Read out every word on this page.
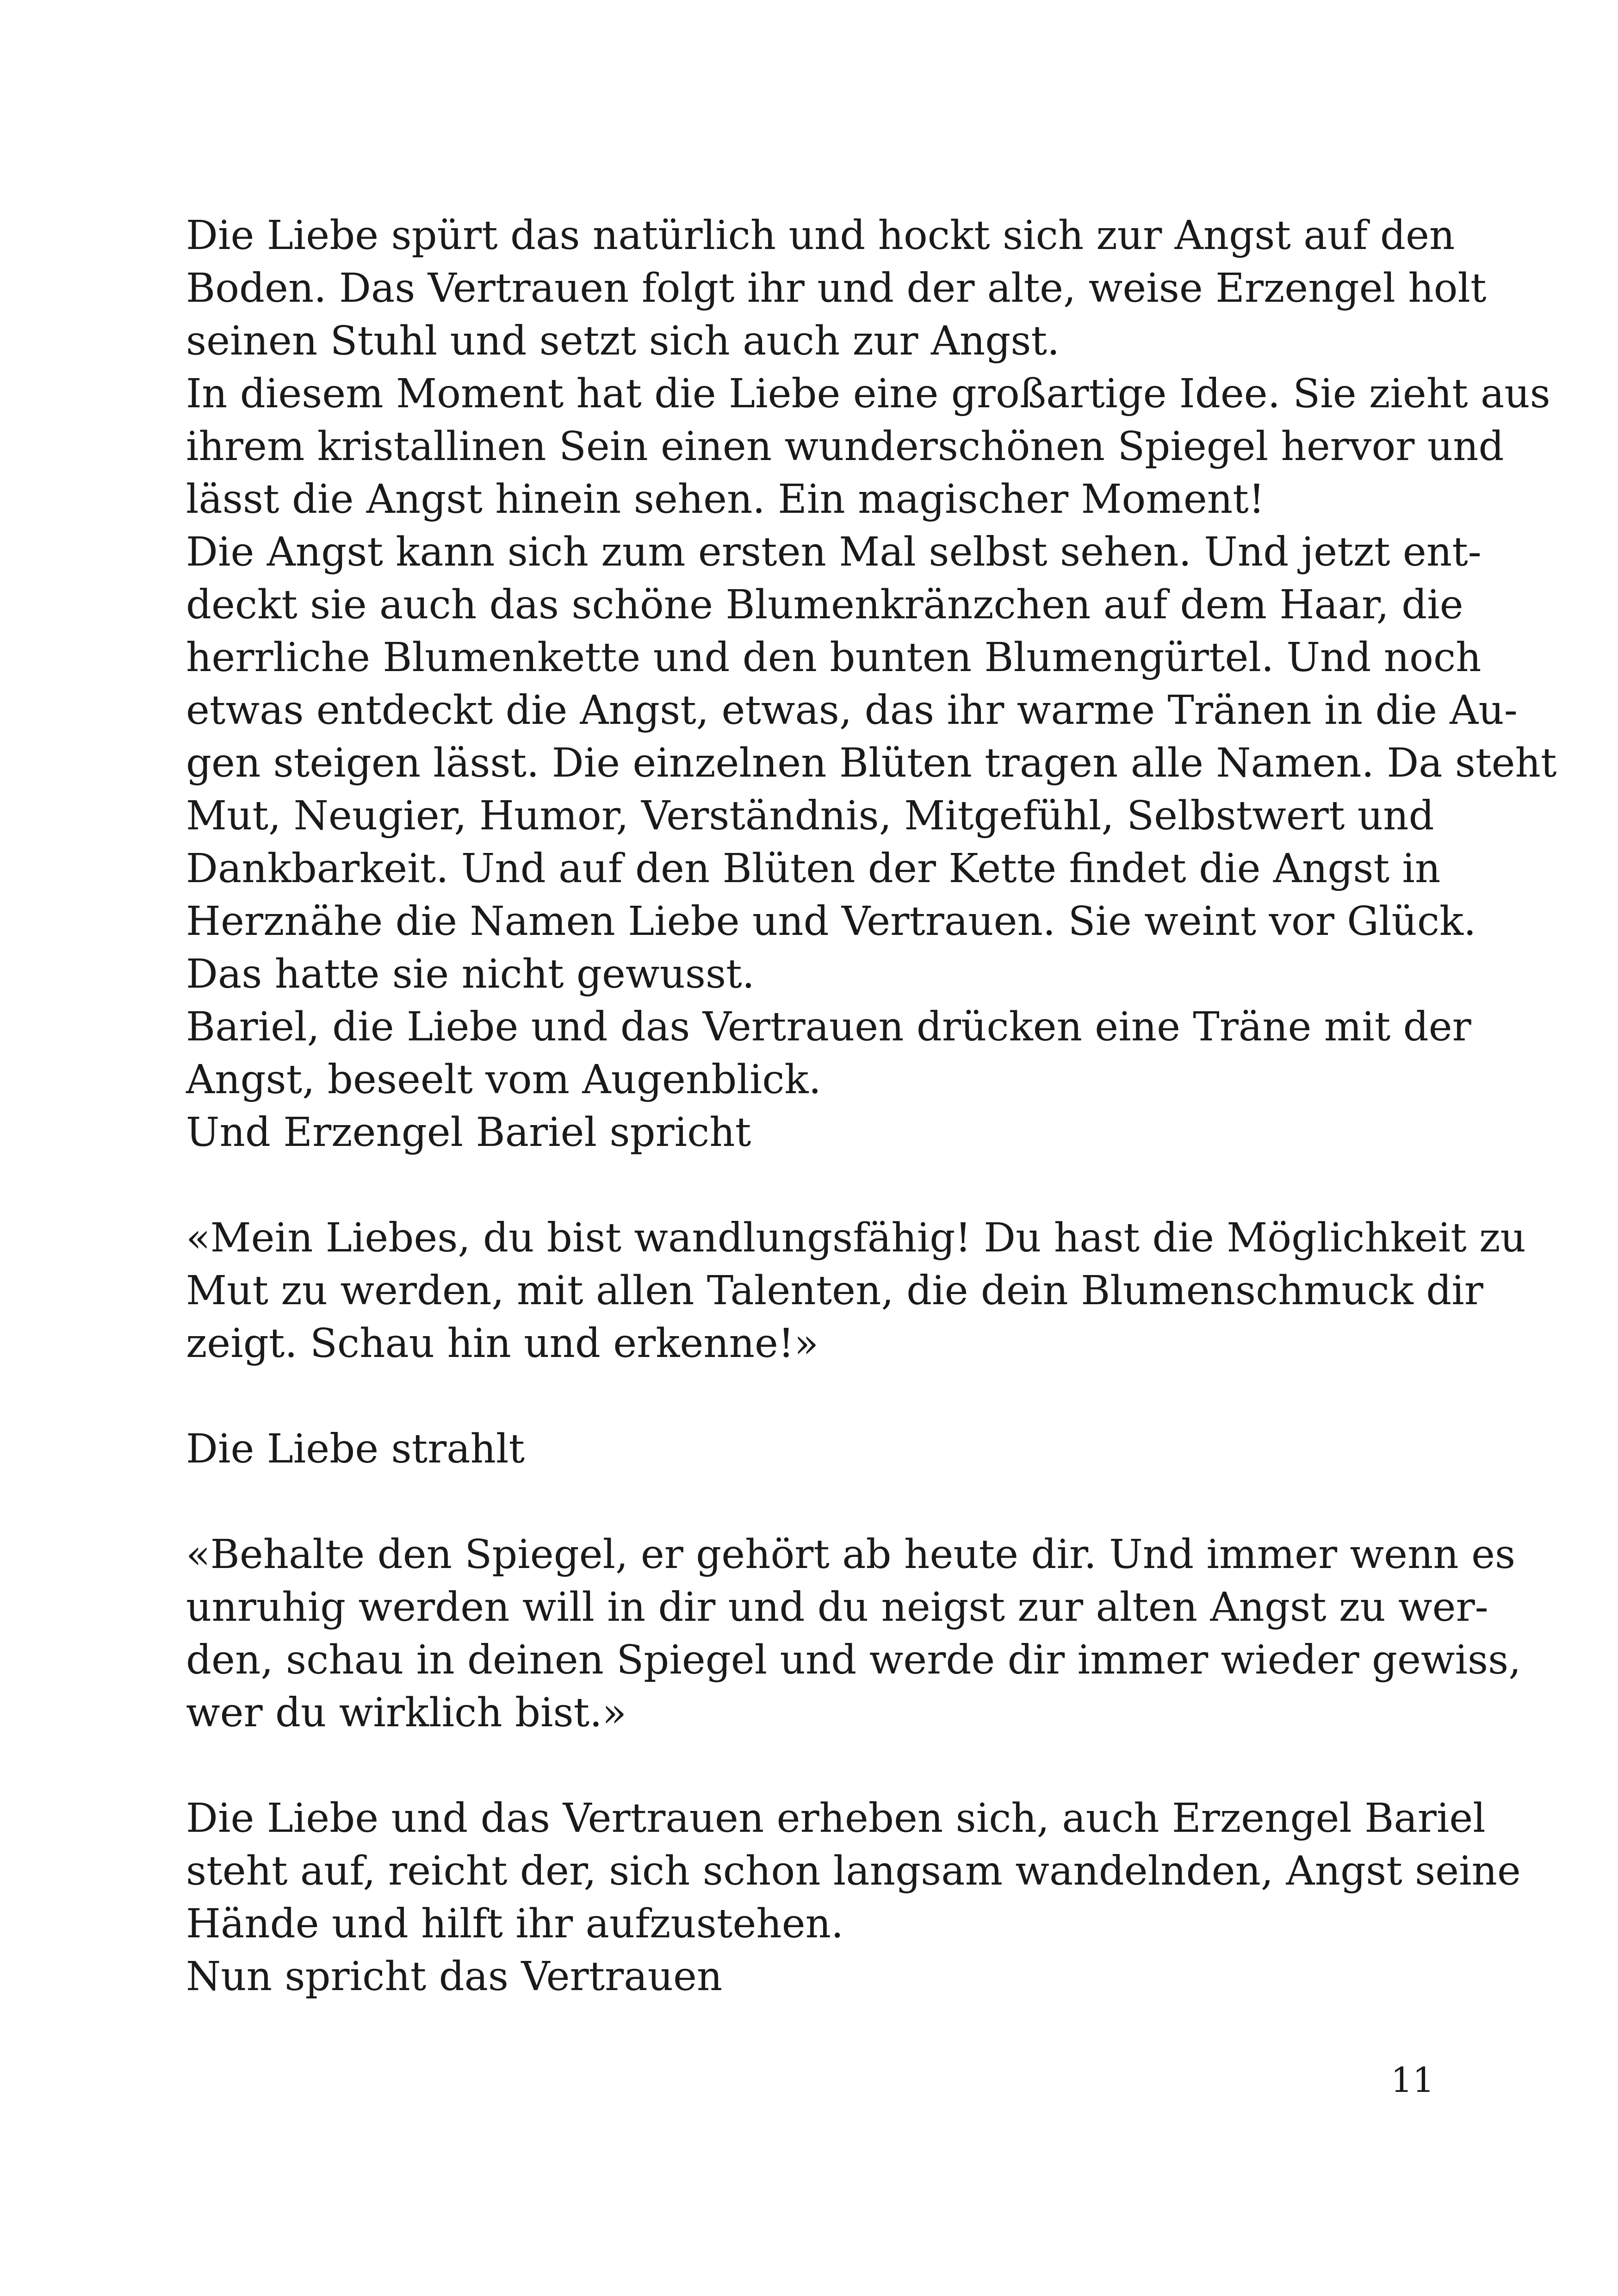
Die Liebe spürt das natürlich und hockt sich zur Angst auf den
Boden. Das Vertrauen folgt ihr und der alte, weise Erzengel holt
seinen Stuhl und setzt sich auch zur Angst.

In diesem Moment hat die Liebe eine großartige Idee. Sie zieht aus
ihrem kristallinen Sein einen wunderschönen Spiegel hervor und
lässt die Angst hinein sehen. Ein magischer Moment!

Die Angst kann sich zum ersten Mal selbst sehen. Und jetzt ent-
deckt sie auch das schöne Blumenkränzchen auf dem Haar, die
herrliche Blumenkette und den bunten Blumengürtel. Und noch
etwas entdeckt die Angst, etwas, das ihr warme Tränen in die Au-
gen steigen lässt. Die einzelnen Blüten tragen alle Namen. Da steht
Mut, Neugier, Humor, Verständnis, Mitgefühl, Selbstwert und
Dankbarkeit. Und auf den Blüten der Kette findet die Angst in
Herznähe die Namen Liebe und Vertrauen. Sie weint vor Glück.
Das hatte sie nicht gewusst.

Bariel, die Liebe und das Vertrauen drücken eine Träne mit der
Angst, beseelt vom Augenblick.

Und Erzengel Bariel spricht

«Mein Liebes, du bist wandlungsfähig! Du hast die Möglichkeit zu
Mut zu werden, mit allen Talenten, die dein Blumenschmuck dir
zeigt. Schau hin und erkenne!»

Die Liebe strahlt

«Behalte den Spiegel, er gehört ab heute dir. Und immer wenn es
unruhig werden will in dir und du neigst zur alten Angst zu wer-
den, schau in deinen Spiegel und werde dir immer wieder gewiss,
wer du wirklich bist.»

Die Liebe und das Vertrauen erheben sich, auch Erzengel Bariel
steht auf, reicht der, sich schon langsam wandelnden, Angst seine
Hände und hilft ihr aufzustehen.

Nun spricht das Vertrauen

11
